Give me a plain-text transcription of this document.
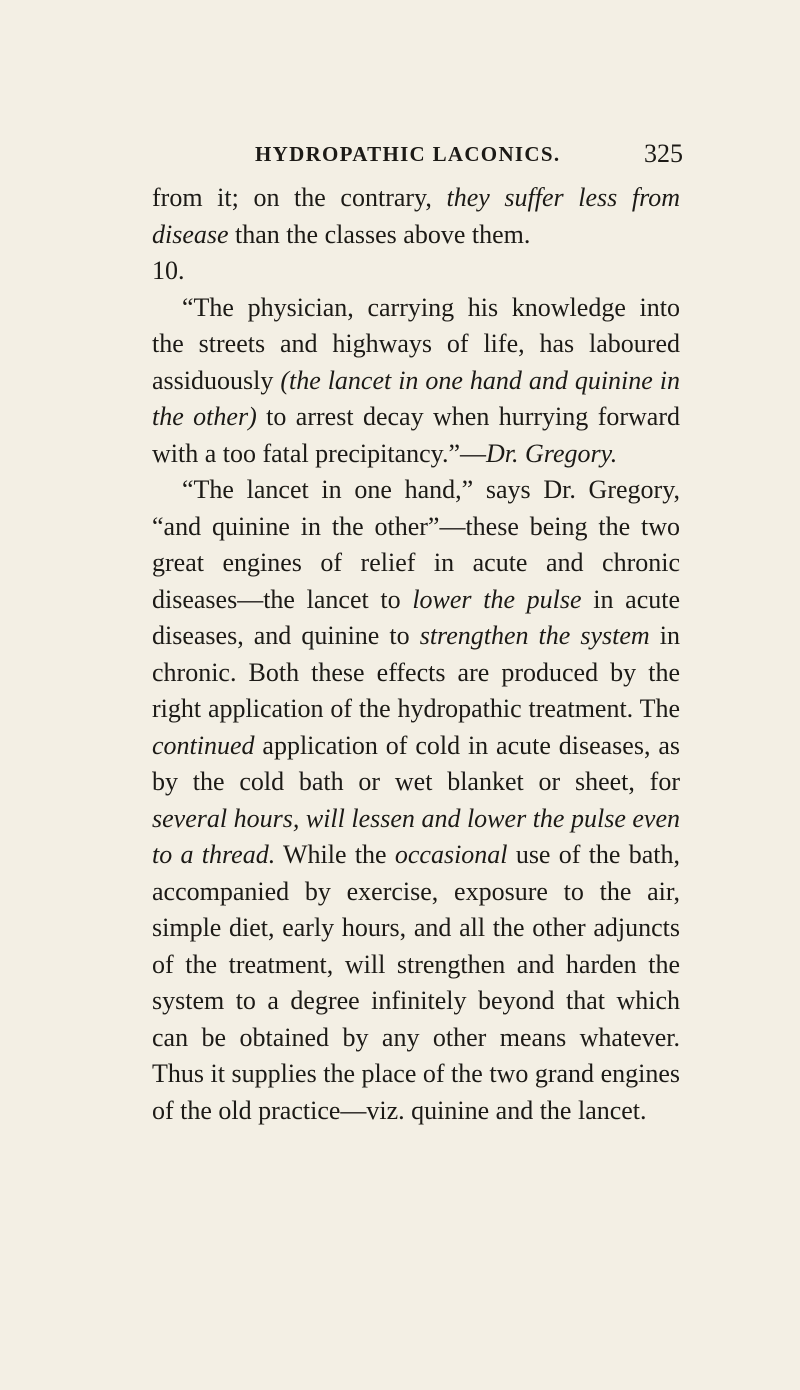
HYDROPATHIC LACONICS.	325

from it; on the contrary, they suffer less from disease than the classes above them.

10.

“The physician, carrying his knowledge into the streets and highways of life, has laboured assiduously (the lancet in one hand and quinine in the other) to arrest decay when hurrying forward with a too fatal precipitancy.”—Dr. Gregory.

“The lancet in one hand,” says Dr. Gregory, “and quinine in the other”—these being the two great engines of relief in acute and chronic diseases—the lancet to lower the pulse in acute diseases, and quinine to strengthen the system in chronic. Both these effects are produced by the right application of the hydropathic treatment. The continued application of cold in acute diseases, as by the cold bath or wet blanket or sheet, for several hours, will lessen and lower the pulse even to a thread. While the occasional use of the bath, accompanied by exercise, exposure to the air, simple diet, early hours, and all the other adjuncts of the treatment, will strengthen and harden the system to a degree infinitely beyond that which can be obtained by any other means whatever. Thus it supplies the place of the two grand engines of the old practice—viz. quinine and the lancet.
